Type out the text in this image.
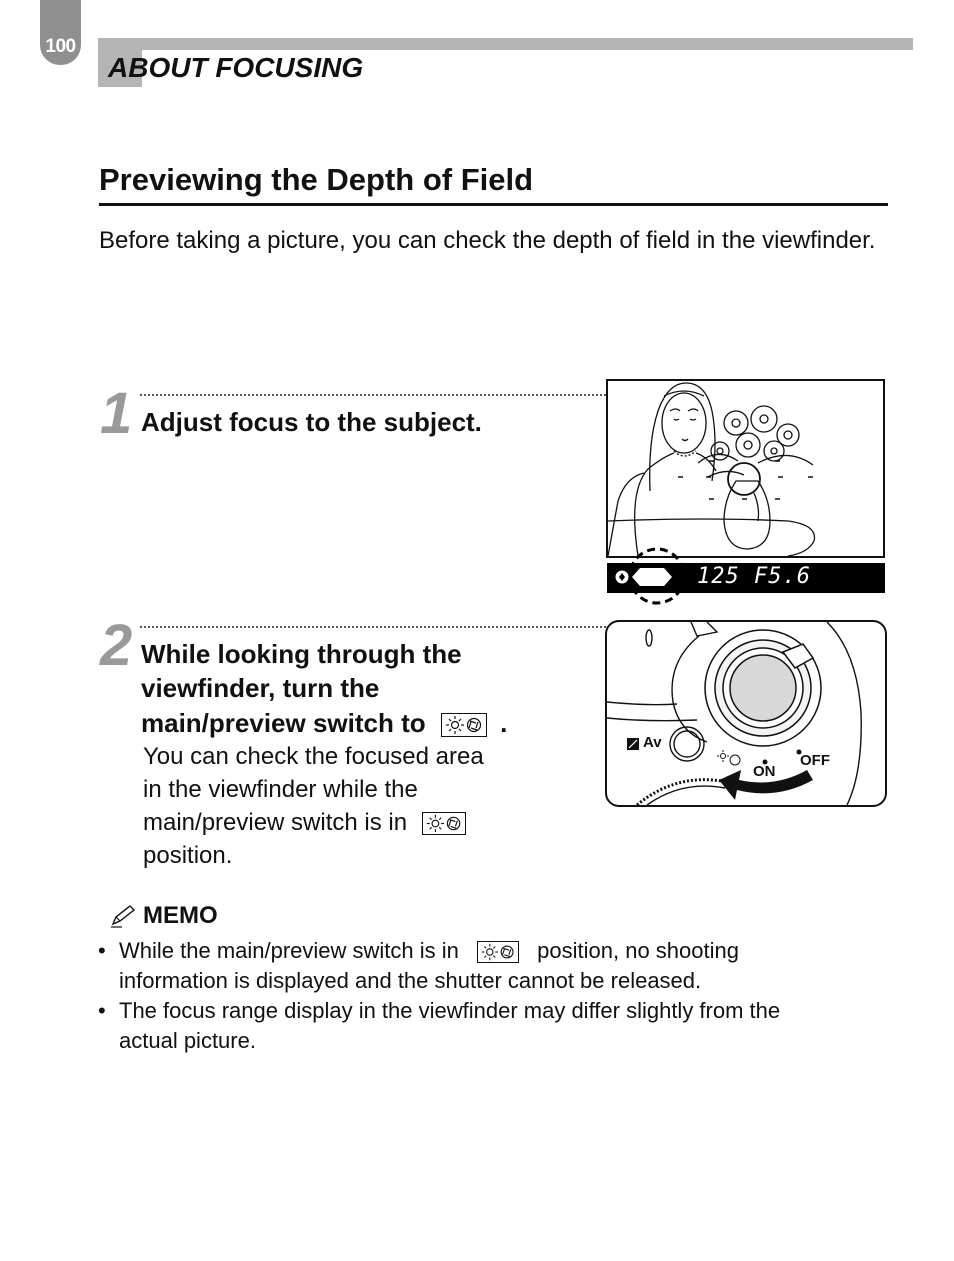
100
ABOUT FOCUSING
Previewing the Depth of Field
Before taking a picture, you can check the depth of field in the viewfinder.
1 Adjust focus to the subject.
125 F5.6
2 While looking through the
viewfinder, turn the
main/preview switch to	.
You can check the focused area
in the viewfinder while the
main/preview switch is in
position.
Av
ON
OFF
MEMO
• While the main/preview switch is in	position, no shooting
information is displayed and the shutter cannot be released.
• The focus range display in the viewfinder may differ slightly from the
actual picture.
